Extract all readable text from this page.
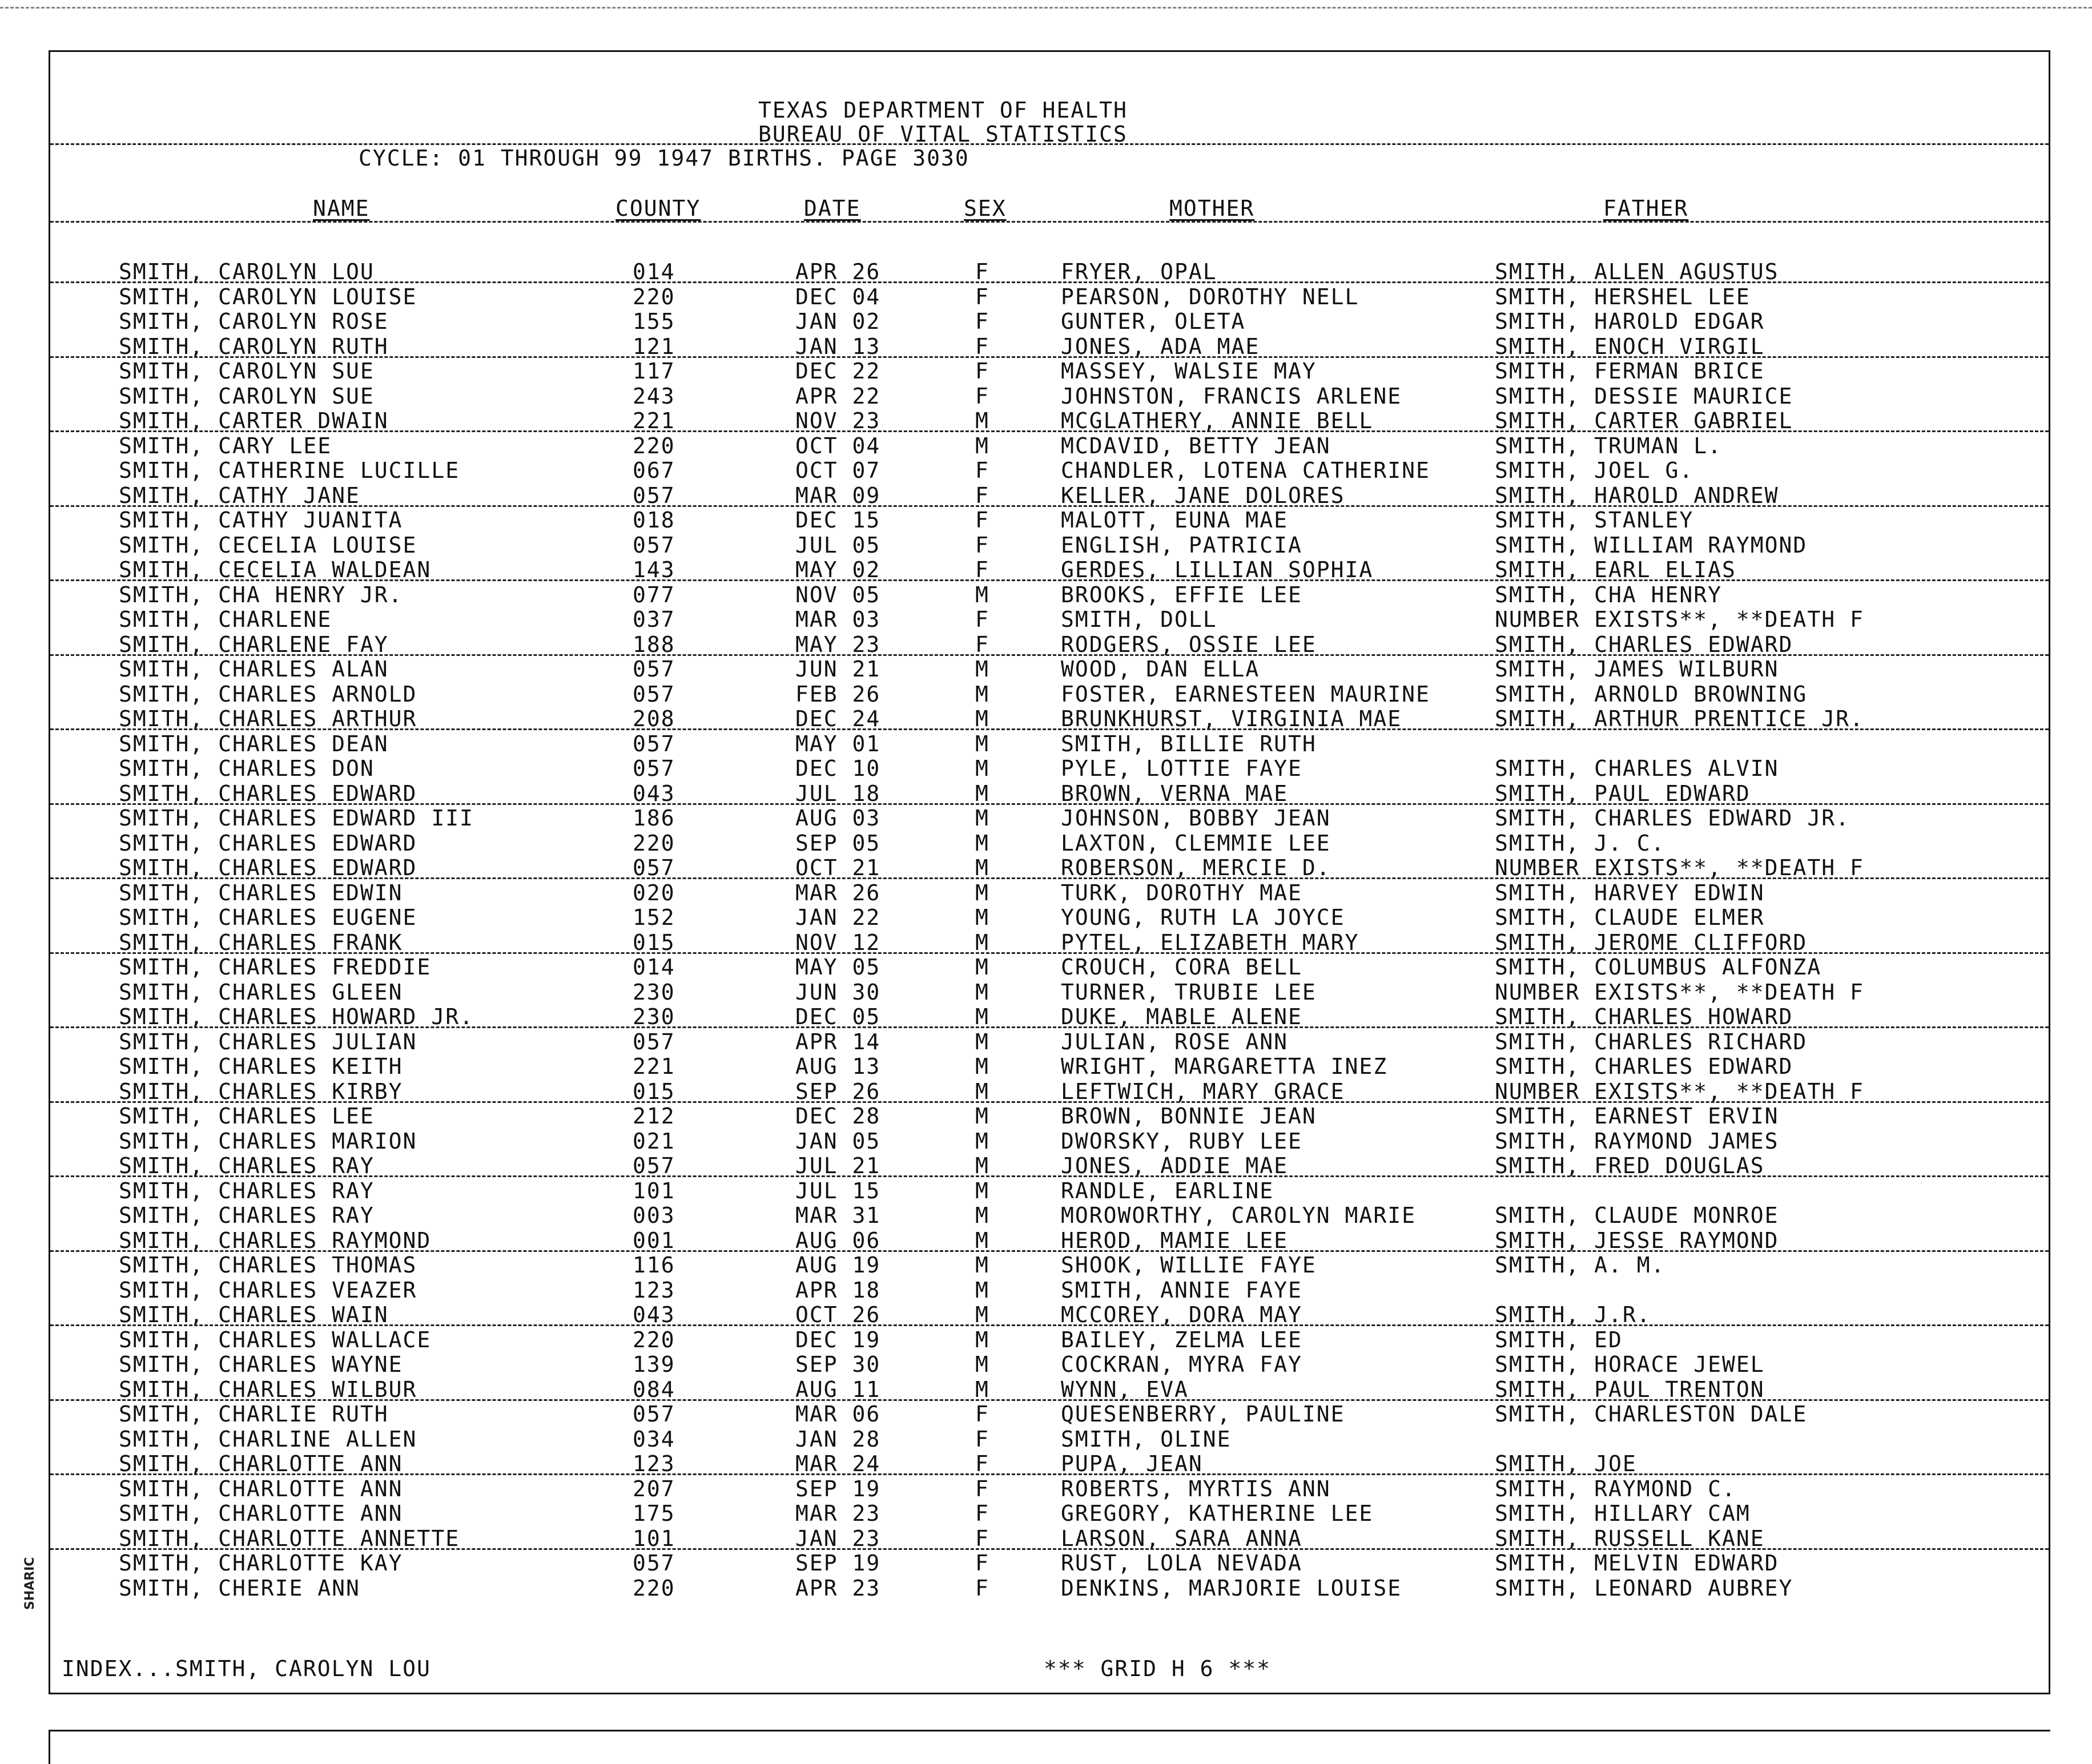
TEXAS DEPARTMENT OF HEALTH
BUREAU OF VITAL STATISTICS
CYCLE: 01 THROUGH 99 1947 BIRTHS. PAGE 3030
NAME	COUNTY	DATE	SEX	MOTHER	FATHER
SMITH, CAROLYN LOU	014	APR 26	F	FRYER, OPAL	SMITH, ALLEN AGUSTUS
SMITH, CAROLYN LOUISE	220	DEC 04	F	PEARSON, DOROTHY NELL	SMITH, HERSHEL LEE
SMITH, CAROLYN ROSE	155	JAN 02	F	GUNTER, OLETA	SMITH, HAROLD EDGAR
SMITH, CAROLYN RUTH	121	JAN 13	F	JONES, ADA MAE	SMITH, ENOCH VIRGIL
SMITH, CAROLYN SUE	117	DEC 22	F	MASSEY, WALSIE MAY	SMITH, FERMAN BRICE
SMITH, CAROLYN SUE	243	APR 22	F	JOHNSTON, FRANCIS ARLENE	SMITH, DESSIE MAURICE
SMITH, CARTER DWAIN	221	NOV 23	M	MCGLATHERY, ANNIE BELL	SMITH, CARTER GABRIEL
SMITH, CARY LEE	220	OCT 04	M	MCDAVID, BETTY JEAN	SMITH, TRUMAN L.
SMITH, CATHERINE LUCILLE	067	OCT 07	F	CHANDLER, LOTENA CATHERINE	SMITH, JOEL G.
SMITH, CATHY JANE	057	MAR 09	F	KELLER, JANE DOLORES	SMITH, HAROLD ANDREW
SMITH, CATHY JUANITA	018	DEC 15	F	MALOTT, EUNA MAE	SMITH, STANLEY
SMITH, CECELIA LOUISE	057	JUL 05	F	ENGLISH, PATRICIA	SMITH, WILLIAM RAYMOND
SMITH, CECELIA WALDEAN	143	MAY 02	F	GERDES, LILLIAN SOPHIA	SMITH, EARL ELIAS
SMITH, CHA HENRY JR.	077	NOV 05	M	BROOKS, EFFIE LEE	SMITH, CHA HENRY
SMITH, CHARLENE	037	MAR 03	F	SMITH, DOLL	NUMBER EXISTS**, **DEATH F
SMITH, CHARLENE FAY	188	MAY 23	F	RODGERS, OSSIE LEE	SMITH, CHARLES EDWARD
SMITH, CHARLES ALAN	057	JUN 21	M	WOOD, DAN ELLA	SMITH, JAMES WILBURN
SMITH, CHARLES ARNOLD	057	FEB 26	M	FOSTER, EARNESTEEN MAURINE	SMITH, ARNOLD BROWNING
SMITH, CHARLES ARTHUR	208	DEC 24	M	BRUNKHURST, VIRGINIA MAE	SMITH, ARTHUR PRENTICE JR.
SMITH, CHARLES DEAN	057	MAY 01	M	SMITH, BILLIE RUTH
SMITH, CHARLES DON	057	DEC 10	M	PYLE, LOTTIE FAYE	SMITH, CHARLES ALVIN
SMITH, CHARLES EDWARD	043	JUL 18	M	BROWN, VERNA MAE	SMITH, PAUL EDWARD
SMITH, CHARLES EDWARD III	186	AUG 03	M	JOHNSON, BOBBY JEAN	SMITH, CHARLES EDWARD JR.
SMITH, CHARLES EDWARD	220	SEP 05	M	LAXTON, CLEMMIE LEE	SMITH, J. C.
SMITH, CHARLES EDWARD	057	OCT 21	M	ROBERSON, MERCIE D.	NUMBER EXISTS**, **DEATH F
SMITH, CHARLES EDWIN	020	MAR 26	M	TURK, DOROTHY MAE	SMITH, HARVEY EDWIN
SMITH, CHARLES EUGENE	152	JAN 22	M	YOUNG, RUTH LA JOYCE	SMITH, CLAUDE ELMER
SMITH, CHARLES FRANK	015	NOV 12	M	PYTEL, ELIZABETH MARY	SMITH, JEROME CLIFFORD
SMITH, CHARLES FREDDIE	014	MAY 05	M	CROUCH, CORA BELL	SMITH, COLUMBUS ALFONZA
SMITH, CHARLES GLEEN	230	JUN 30	M	TURNER, TRUBIE LEE	NUMBER EXISTS**, **DEATH F
SMITH, CHARLES HOWARD JR.	230	DEC 05	M	DUKE, MABLE ALENE	SMITH, CHARLES HOWARD
SMITH, CHARLES JULIAN	057	APR 14	M	JULIAN, ROSE ANN	SMITH, CHARLES RICHARD
SMITH, CHARLES KEITH	221	AUG 13	M	WRIGHT, MARGARETTA INEZ	SMITH, CHARLES EDWARD
SMITH, CHARLES KIRBY	015	SEP 26	M	LEFTWICH, MARY GRACE	NUMBER EXISTS**, **DEATH F
SMITH, CHARLES LEE	212	DEC 28	M	BROWN, BONNIE JEAN	SMITH, EARNEST ERVIN
SMITH, CHARLES MARION	021	JAN 05	M	DWORSKY, RUBY LEE	SMITH, RAYMOND JAMES
SMITH, CHARLES RAY	057	JUL 21	M	JONES, ADDIE MAE	SMITH, FRED DOUGLAS
SMITH, CHARLES RAY	101	JUL 15	M	RANDLE, EARLINE
SMITH, CHARLES RAY	003	MAR 31	M	MOROWORTHY, CAROLYN MARIE	SMITH, CLAUDE MONROE
SMITH, CHARLES RAYMOND	001	AUG 06	M	HEROD, MAMIE LEE	SMITH, JESSE RAYMOND
SMITH, CHARLES THOMAS	116	AUG 19	M	SHOOK, WILLIE FAYE	SMITH, A. M.
SMITH, CHARLES VEAZER	123	APR 18	M	SMITH, ANNIE FAYE
SMITH, CHARLES WAIN	043	OCT 26	M	MCCOREY, DORA MAY	SMITH, J.R.
SMITH, CHARLES WALLACE	220	DEC 19	M	BAILEY, ZELMA LEE	SMITH, ED
SMITH, CHARLES WAYNE	139	SEP 30	M	COCKRAN, MYRA FAY	SMITH, HORACE JEWEL
SMITH, CHARLES WILBUR	084	AUG 11	M	WYNN, EVA	SMITH, PAUL TRENTON
SMITH, CHARLIE RUTH	057	MAR 06	F	QUESENBERRY, PAULINE	SMITH, CHARLESTON DALE
SMITH, CHARLINE ALLEN	034	JAN 28	F	SMITH, OLINE
SMITH, CHARLOTTE ANN	123	MAR 24	F	PUPA, JEAN	SMITH, JOE
SMITH, CHARLOTTE ANN	207	SEP 19	F	ROBERTS, MYRTIS ANN	SMITH, RAYMOND C.
SMITH, CHARLOTTE ANN	175	MAR 23	F	GREGORY, KATHERINE LEE	SMITH, HILLARY CAM
SMITH, CHARLOTTE ANNETTE	101	JAN 23	F	LARSON, SARA ANNA	SMITH, RUSSELL KANE
SMITH, CHARLOTTE KAY	057	SEP 19	F	RUST, LOLA NEVADA	SMITH, MELVIN EDWARD
SMITH, CHERIE ANN	220	APR 23	F	DENKINS, MARJORIE LOUISE	SMITH, LEONARD AUBREY
INDEX...SMITH, CAROLYN LOU	*** GRID H 6 ***
SHARIC
